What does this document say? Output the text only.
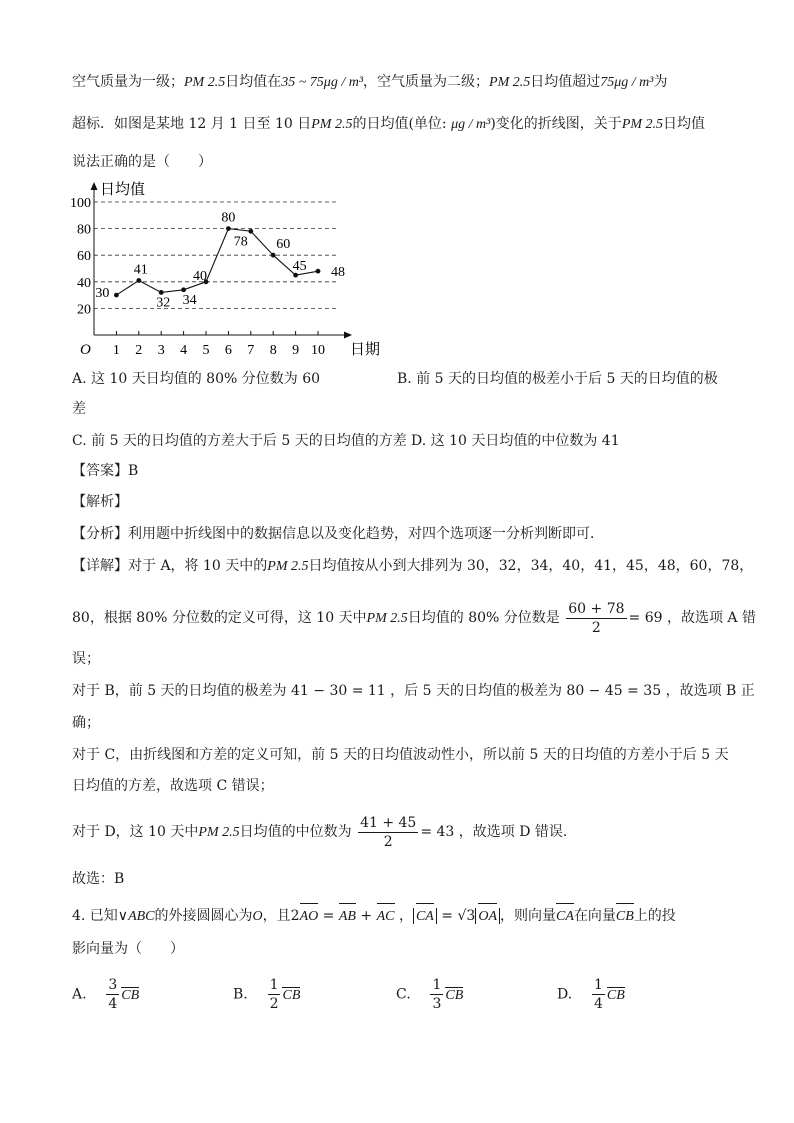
空气质量为一级；PM 2.5日均值在35 ~ 75μg / m³，空气质量为二级；PM 2.5日均值超过75μg / m³为
超标．如图是某地 12 月 1 日至 10 日PM 2.5的日均值(单位: μg / m³)变化的折线图，关于PM 2.5日均值
说法正确的是（　　）
20
40
60
80
100
1 2 3 4 5 6 7 8 9 10
O
日均值
日期
30
41
32 34
40
80
78 60
45 48
A. 这 10 天日均值的 80% 分位数为 60	B. 前 5 天的日均值的极差小于后 5 天的日均值的极
差
C. 前 5 天的日均值的方差大于后 5 天的日均值的方差 D. 这 10 天日均值的中位数为 41
【答案】B
【解析】
【分析】利用题中折线图中的数据信息以及变化趋势，对四个选项逐一分析判断即可．
【详解】对于 A，将 10 天中的PM 2.5日均值按从小到大排列为 30，32，34，40，41，45，48，60，78，
80，根据 80% 分位数的定义可得，这 10 天中PM 2.5日均值的 80% 分位数是 $\frac{60 + 78}{2} = 69$ ，故选项 A 错
误；
对于 B，前 5 天的日均值的极差为 41 − 30 = 11 ，后 5 天的日均值的极差为 80 − 45 = 35 ，故选项 B 正
确；
对于 C，由折线图和方差的定义可知，前 5 天的日均值波动性小，所以前 5 天的日均值的方差小于后 5 天
日均值的方差，故选项 C 错误；
对于 D，这 10 天中PM 2.5日均值的中位数为 $\frac{41 + 45}{2} = 43$ ，故选项 D 错误．
故选：B
4. 已知∨ABC的外接圆圆心为O，且2AO = AB + AC ， CA = √3 OA ，则向量CA在向量CB上的投
影向量为（　　）
A. $\frac{3}{4}$ CB	B. $\frac{1}{2}$ CB	C. $\frac{1}{3}$ CB	D. $\frac{1}{4}$ CB
